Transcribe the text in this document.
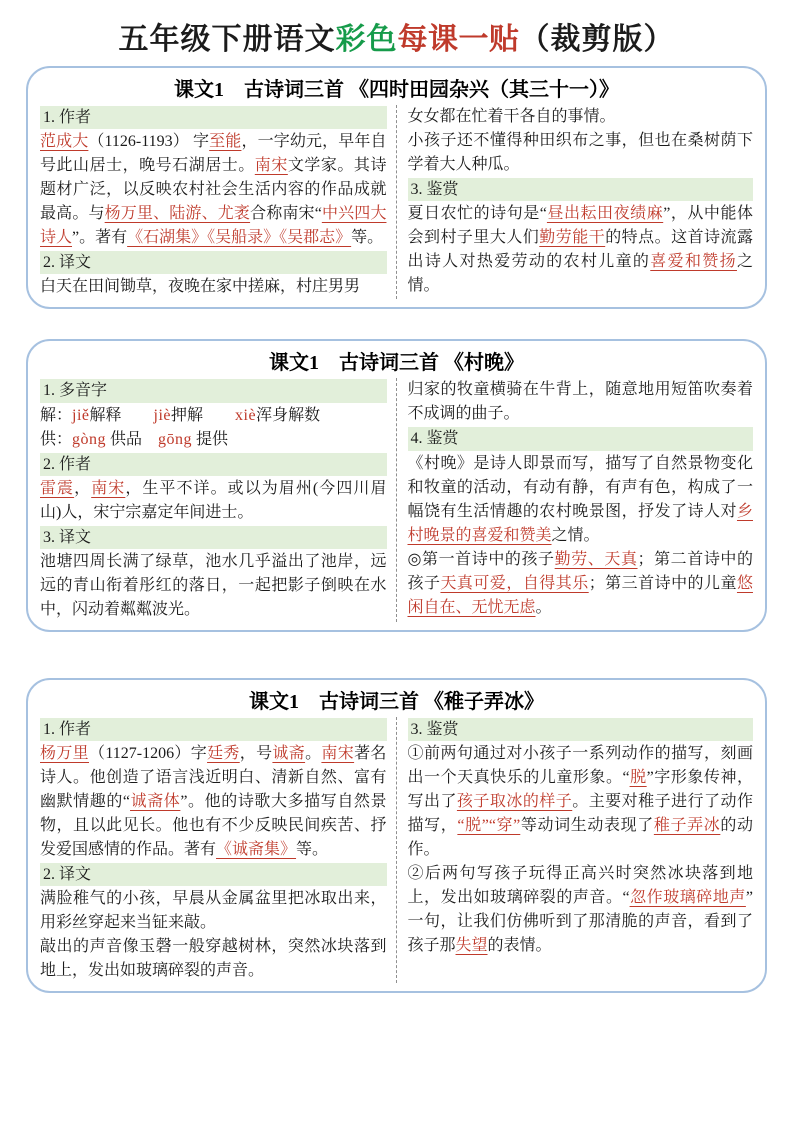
五年级下册语文彩色每课一贴（裁剪版）
课文1　古诗词三首 《四时田园杂兴（其三十一）》
1. 作者

范成大（1126-1193） 字至能，一字幼元，早年自号此山居士，晚号石湖居士。南宋文学家。其诗题材广泛，以反映农村社会生活内容的作品成就最高。与杨万里、陆游、尤袤合称南宋“中兴四大诗人”。著有《石湖集》《吴船录》《吴郡志》等。

2. 译文

白天在田间锄草，夜晚在家中搓麻，村庄男男

女女都在忙着干各自的事情。

小孩子还不懂得种田织布之事，但也在桑树荫下学着大人种瓜。

3. 鉴赏

夏日农忙的诗句是“昼出耘田夜绩麻”，从中能体会到村子里大人们勤劳能干的特点。这首诗流露出诗人对热爱劳动的农村儿童的喜爱和赞扬之情。

课文1　古诗词三首 《村晚》
1. 多音字

解：jiě解释　　jiè押解　　xiè浑身解数

供：gòng 供品　gōng 提供

2. 作者

雷震，南宋，生平不详。或以为眉州(今四川眉山)人，宋宁宗嘉定年间进士。

3. 译文

池塘四周长满了绿草，池水几乎溢出了池岸，远远的青山衔着彤红的落日，一起把影子倒映在水中，闪动着粼粼波光。

归家的牧童横骑在牛背上，随意地用短笛吹奏着不成调的曲子。

4. 鉴赏

《村晚》是诗人即景而写，描写了自然景物变化和牧童的活动，有动有静，有声有色，构成了一幅饶有生活情趣的农村晚景图，抒发了诗人对乡村晚景的喜爱和赞美之情。

◎第一首诗中的孩子勤劳、天真；第二首诗中的孩子天真可爱，自得其乐；第三首诗中的儿童悠闲自在、无忧无虑。

课文1　古诗词三首 《稚子弄冰》
1. 作者

杨万里（1127-1206）字廷秀，号诚斋。南宋著名诗人。他创造了语言浅近明白、清新自然、富有幽默情趣的“诚斋体”。他的诗歌大多描写自然景物，且以此见长。他也有不少反映民间疾苦、抒发爱国感情的作品。著有《诚斋集》等。

2. 译文

满脸稚气的小孩，早晨从金属盆里把冰取出来，用彩丝穿起来当钲来敲。

敲出的声音像玉磬一般穿越树林，突然冰块落到地上，发出如玻璃碎裂的声音。

3. 鉴赏

①前两句通过对小孩子一系列动作的描写，刻画出一个天真快乐的儿童形象。“脱”字形象传神，写出了孩子取冰的样子。主要对稚子进行了动作描写，“脱”“穿”等动词生动表现了稚子弄冰的动作。

②后两句写孩子玩得正高兴时突然冰块落到地上，发出如玻璃碎裂的声音。“忽作玻璃碎地声”一句，让我们仿佛听到了那清脆的声音，看到了孩子那失望的表情。
